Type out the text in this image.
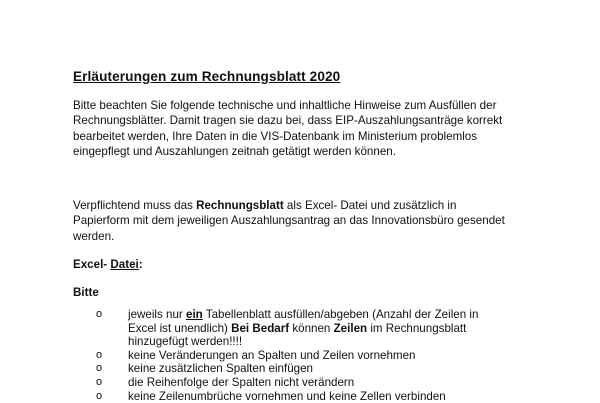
Erläuterungen zum Rechnungsblatt 2020
Bitte beachten Sie folgende technische und inhaltliche Hinweise zum Ausfüllen der
Rechnungsblätter. Damit tragen sie dazu bei, dass EIP-Auszahlungsanträge korrekt
bearbeitet werden, Ihre Daten in die VIS-Datenbank im Ministerium problemlos
eingepflegt und Auszahlungen zeitnah getätigt werden können.
Verpflichtend muss das Rechnungsblatt als Excel- Datei und zusätzlich in
Papierform mit dem jeweiligen Auszahlungsantrag an das Innovationsbüro gesendet
werden.
Excel- Datei:
Bitte
o jeweils nur ein Tabellenblatt ausfüllen/abgeben (Anzahl der Zeilen in
Excel ist unendlich) Bei Bedarf können Zeilen im Rechnungsblatt
hinzugefügt werden!!!!
o keine Veränderungen an Spalten und Zeilen vornehmen
o keine zusätzlichen Spalten einfügen
o die Reihenfolge der Spalten nicht verändern
o keine Zeilenumbrüche vornehmen und keine Zellen verbinden
